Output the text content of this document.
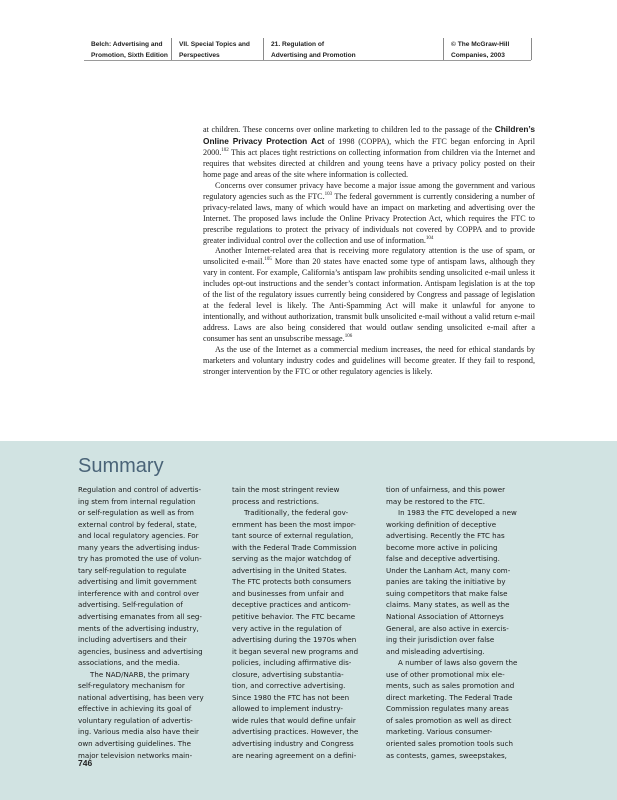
Belch: Advertising and
Promotion, Sixth Edition
VII. Special Topics and
Perspectives
21. Regulation of
Advertising and Promotion
© The McGraw-Hill
Companies, 2003

at children. These concerns over online marketing to children led to the passage of the Children’s Online Privacy Protection Act of 1998 (COPPA), which the FTC began enforcing in April 2000.$^{102}$ This act places tight restrictions on collecting information from children via the Internet and requires that websites directed at children and young teens have a privacy policy posted on their home page and areas of the site where information is collected.

Concerns over consumer privacy have become a major issue among the government and various regulatory agencies such as the FTC.$^{103}$ The federal government is currently considering a number of privacy-related laws, many of which would have an impact on marketing and advertising over the Internet. The proposed laws include the Online Privacy Protection Act, which requires the FTC to prescribe regulations to protect the privacy of individuals not covered by COPPA and to provide greater individual control over the collection and use of information.$^{104}$

Another Internet-related area that is receiving more regulatory attention is the use of spam, or unsolicited e-mail.$^{105}$ More than 20 states have enacted some type of antispam laws, although they vary in content. For example, California’s antispam law prohibits sending unsolicited e-mail unless it includes opt-out instructions and the sender’s contact information. Antispam legislation is at the top of the list of the regulatory issues currently being considered by Congress and passage of legislation at the federal level is likely. The Anti-Spamming Act will make it unlawful for anyone to intentionally, and without authorization, transmit bulk unsolicited e-mail without a valid return e-mail address. Laws are also being considered that would outlaw sending unsolicited e-mail after a consumer has sent an unsubscribe message.$^{106}$

As the use of the Internet as a commercial medium increases, the need for ethical standards by marketers and voluntary industry codes and guidelines will become greater. If they fail to respond, stronger intervention by the FTC or other regulatory agencies is likely.

Summary

Regulation and control of advertis-

ing stem from internal regulation

or self-regulation as well as from

external control by federal, state,

and local regulatory agencies. For

many years the advertising indus-

try has promoted the use of volun-

tary self-regulation to regulate

advertising and limit government

interference with and control over

advertising. Self-regulation of

advertising emanates from all seg-

ments of the advertising industry,

including advertisers and their

agencies, business and advertising

associations, and the media.

The NAD/NARB, the primary

self-regulatory mechanism for

national advertising, has been very

effective in achieving its goal of

voluntary regulation of advertis-

ing. Various media also have their

own advertising guidelines. The

major television networks main-

tain the most stringent review

process and restrictions.

Traditionally, the federal gov-

ernment has been the most impor-

tant source of external regulation,

with the Federal Trade Commission

serving as the major watchdog of

advertising in the United States.

The FTC protects both consumers

and businesses from unfair and

deceptive practices and anticom-

petitive behavior. The FTC became

very active in the regulation of

advertising during the 1970s when

it began several new programs and

policies, including affirmative dis-

closure, advertising substantia-

tion, and corrective advertising.

Since 1980 the FTC has not been

allowed to implement industry-

wide rules that would define unfair

advertising practices. However, the

advertising industry and Congress

are nearing agreement on a defini-

tion of unfairness, and this power

may be restored to the FTC.

In 1983 the FTC developed a new

working definition of deceptive

advertising. Recently the FTC has

become more active in policing

false and deceptive advertising.

Under the Lanham Act, many com-

panies are taking the initiative by

suing competitors that make false

claims. Many states, as well as the

National Association of Attorneys

General, are also active in exercis-

ing their jurisdiction over false

and misleading advertising.

A number of laws also govern the

use of other promotional mix ele-

ments, such as sales promotion and

direct marketing. The Federal Trade

Commission regulates many areas

of sales promotion as well as direct

marketing. Various consumer-

oriented sales promotion tools such

as contests, games, sweepstakes,

746
